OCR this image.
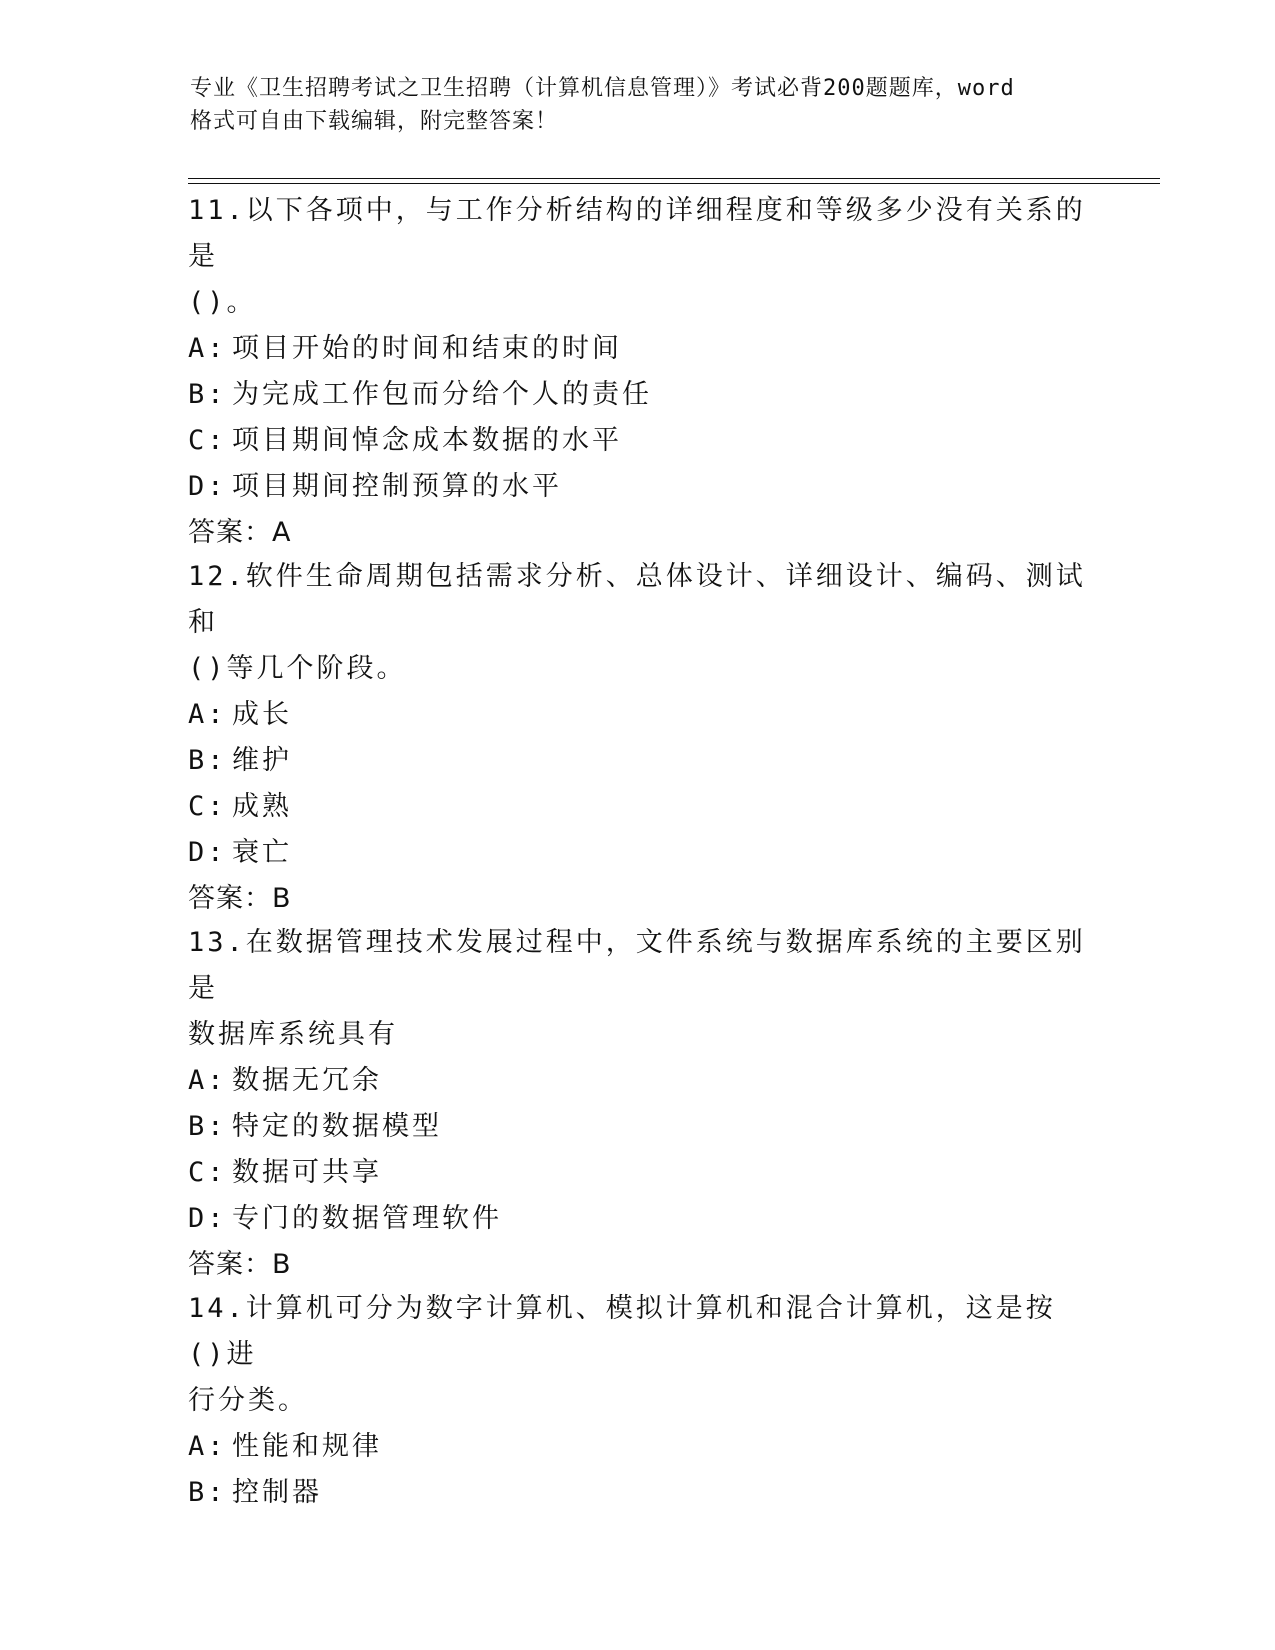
专业《卫生招聘考试之卫生招聘（计算机信息管理）》考试必背200题题库，word
格式可自由下载编辑，附完整答案！
11.以下各项中，与工作分析结构的详细程度和等级多少没有关系的是
()。
A: 项目开始的时间和结束的时间
B: 为完成工作包而分给个人的责任
C: 项目期间悼念成本数据的水平
D: 项目期间控制预算的水平
答案：A
12.软件生命周期包括需求分析、总体设计、详细设计、编码、测试和
()等几个阶段。
A: 成长
B: 维护
C: 成熟
D: 衰亡
答案：B
13.在数据管理技术发展过程中，文件系统与数据库系统的主要区别是
数据库系统具有
A: 数据无冗余
B: 特定的数据模型
C: 数据可共享
D: 专门的数据管理软件
答案：B
14.计算机可分为数字计算机、模拟计算机和混合计算机，这是按()进
行分类。
A: 性能和规律
B: 控制器
